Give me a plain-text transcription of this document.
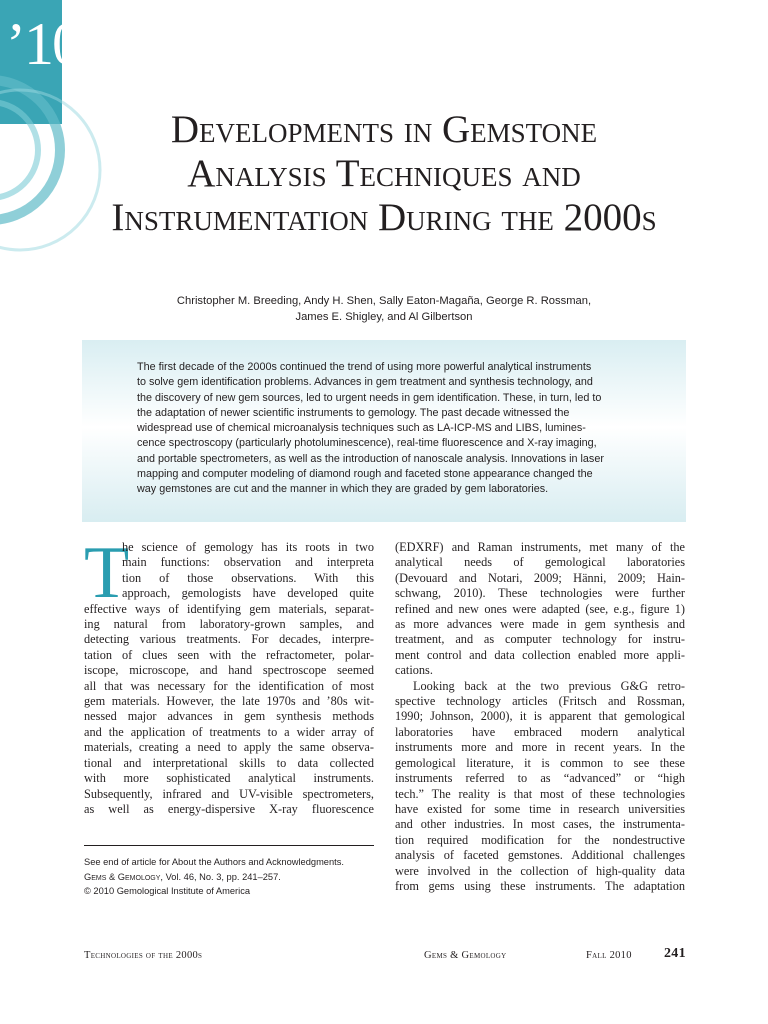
’10
Developments in Gemstone
Analysis Techniques and
Instrumentation During the 2000s
Christopher M. Breeding, Andy H. Shen, Sally Eaton-Magaña, George R. Rossman,
James E. Shigley, and Al Gilbertson
The first decade of the 2000s continued the trend of using more powerful analytical instruments
to solve gem identification problems. Advances in gem treatment and synthesis technology, and
the discovery of new gem sources, led to urgent needs in gem identification. These, in turn, led to
the adaptation of newer scientific instruments to gemology. The past decade witnessed the
widespread use of chemical microanalysis techniques such as LA-ICP-MS and LIBS, lumines-
cence spectroscopy (particularly photoluminescence), real-time fluorescence and X-ray imaging,
and portable spectrometers, as well as the introduction of nanoscale analysis. Innovations in laser
mapping and computer modeling of diamond rough and faceted stone appearance changed the
way gemstones are cut and the manner in which they are graded by gem laboratories.
T
he science of gemology has its roots in two
main functions: observation and interpreta
tion of those observations. With this
approach, gemologists have developed quite
effective ways of identifying gem materials, separat-
ing natural from laboratory-grown samples, and
detecting various treatments. For decades, interpre-
tation of clues seen with the refractometer, polar-
iscope, microscope, and hand spectroscope seemed
all that was necessary for the identification of most
gem materials. However, the late 1970s and ’80s wit-
nessed major advances in gem synthesis methods
and the application of treatments to a wider array of
materials, creating a need to apply the same observa-
tional and interpretational skills to data collected
with more sophisticated analytical instruments.
Subsequently, infrared and UV-visible spectrometers,
as well as energy-dispersive X-ray fluorescence
(EDXRF) and Raman instruments, met many of the
analytical needs of gemological laboratories
(Devouard and Notari, 2009; Hänni, 2009; Hain-
schwang, 2010). These technologies were further
refined and new ones were adapted (see, e.g., figure 1)
as more advances were made in gem synthesis and
treatment, and as computer technology for instru-
ment control and data collection enabled more appli-
cations.
Looking back at the two previous G&G retro-
spective technology articles (Fritsch and Rossman,
1990; Johnson, 2000), it is apparent that gemological
laboratories have embraced modern analytical
instruments more and more in recent years. In the
gemological literature, it is common to see these
instruments referred to as “advanced” or “high
tech.” The reality is that most of these technologies
have existed for some time in research universities
and other industries. In most cases, the instrumenta-
tion required modification for the nondestructive
analysis of faceted gemstones. Additional challenges
were involved in the collection of high-quality data
from gems using these instruments. The adaptation
See end of article for About the Authors and Acknowledgments.
Gems & Gemology, Vol. 46, No. 3, pp. 241–257.
© 2010 Gemological Institute of America
Technologies of the 2000s	Gems & Gemology	Fall 2010 241
